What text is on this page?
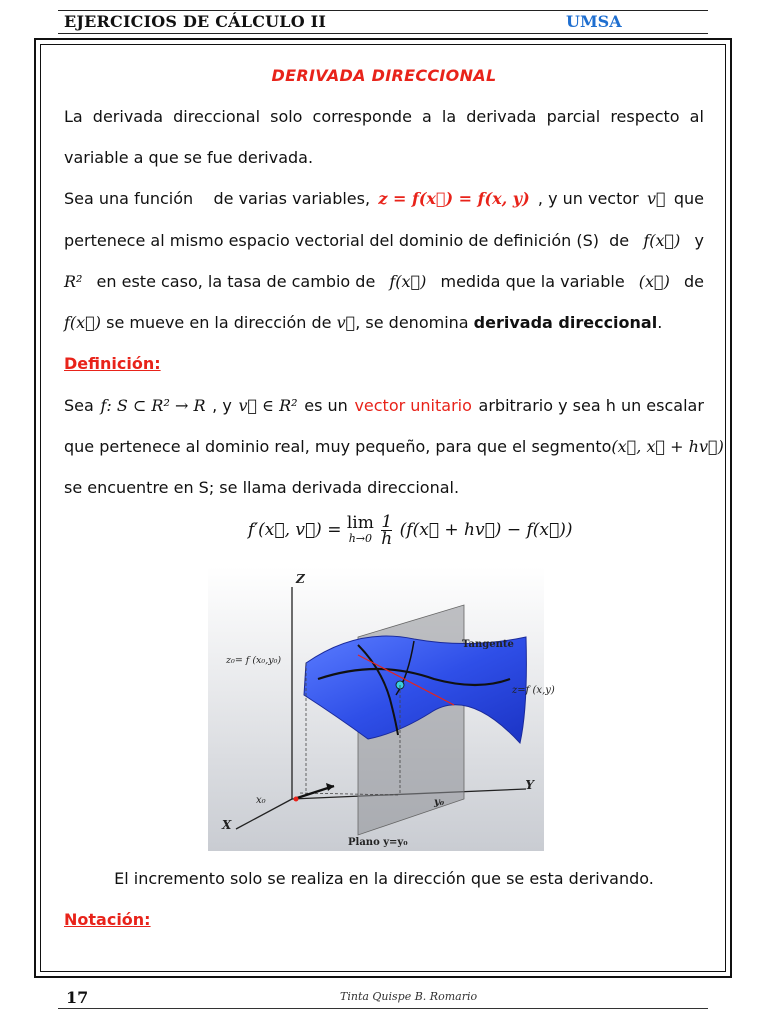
EJERCICIOS DE CÁLCULO II	UMSA
DERIVADA DIRECCIONAL
La derivada direccional solo corresponde a la derivada parcial respecto al
variable a que se fue derivada.
Sea una función    de varias variables, z = f(x⃗) = f(x, y) , y un vector v⃗ que
pertenece al mismo espacio vectorial del dominio de definición (S)  de f(x⃗) y
R² en este caso, la tasa de cambio de f(x⃗) medida que la variable (x⃗) de
f(x⃗) se mueve en la dirección de v⃗, se denomina derivada direccional.
Definición:
Sea f: S ⊂ R² → R , y v⃗ ∈ R² es un vector unitario arbitrario y sea h un escalar
que pertenece al dominio real, muy pequeño, para que el segmento (x⃗, x⃗ + hv⃗)
se encuentre en S; se llama derivada direccional.
f′(x⃗, v⃗) = lim
h→0
$\frac{1}{h}$ (f(x⃗ + hv⃗) − f(x⃗))
Z
Y
X
z₀= f (x₀,y₀)
Tangente
z=f (x,y)
x₀	y₀
Plano y=y₀
El incremento solo se realiza en la dirección que se esta derivando.
Notación:
17	Tinta Quispe B. Romario
